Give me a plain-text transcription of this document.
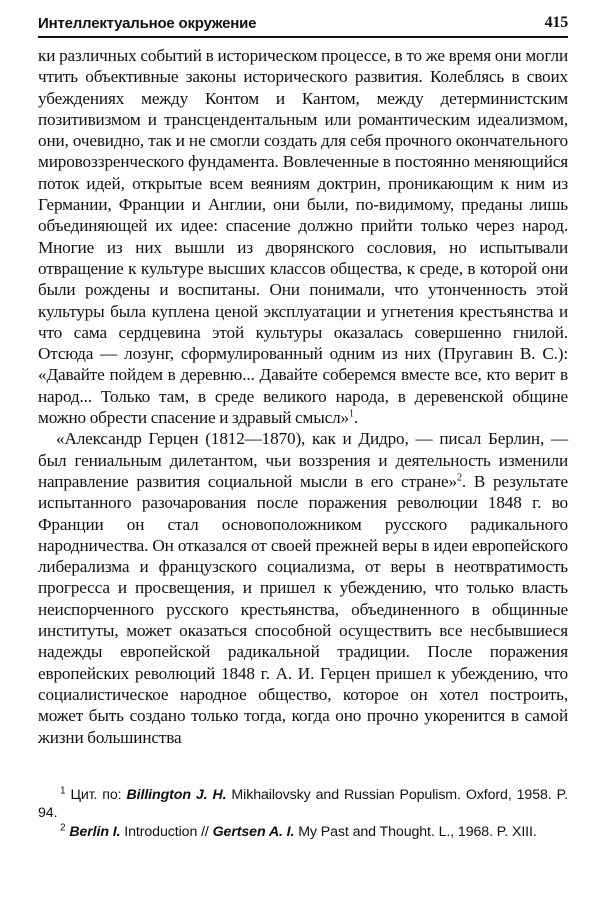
Интеллектуальное окружение	415

ки различных событий в историческом процессе, в то же время они могли чтить объективные законы исторического развития. Колеблясь в своих убеждениях между Контом и Кантом, между детерминистским позитивизмом и трансцендентальным или романтическим идеализмом, они, очевидно, так и не смогли создать для себя прочного окончательного мировоззренческого фундамента. Вовлеченные в постоянно меняющийся поток идей, открытые всем веяниям доктрин, проникающим к ним из Германии, Франции и Англии, они были, по-видимому, преданы лишь объединяющей их идее: спасение должно прийти только через народ. Многие из них вышли из дворянского сословия, но испытывали отвращение к культуре высших классов общества, к среде, в которой они были рождены и воспитаны. Они понимали, что утонченность этой культуры была куплена ценой эксплуатации и угнетения крестьянства и что сама сердцевина этой культуры оказалась совершенно гнилой. Отсюда — лозунг, сформулированный одним из них (Пругавин В. С.): «Давайте пойдем в деревню... Давайте соберемся вместе все, кто верит в народ... Только там, в среде великого народа, в деревенской общине можно обрести спасение и здравый смысл»$^1$.

«Александр Герцен (1812—1870), как и Дидро, — писал Берлин, — был гениальным дилетантом, чьи воззрения и деятельность изменили направление развития социальной мысли в его стране»$^2$. В результате испытанного разочарования после поражения революции 1848 г. во Франции он стал основоположником русского радикального народничества. Он отказался от своей прежней веры в идеи европейского либерализма и французского социализма, от веры в неотвратимость прогресса и просвещения, и пришел к убеждению, что только власть неиспорченного русского крестьянства, объединенного в общинные институты, может оказаться способной осуществить все несбывшиеся надежды европейской радикальной традиции. После поражения европейских революций 1848 г. А. И. Герцен пришел к убеждению, что социалистическое народное общество, которое он хотел построить, может быть создано только тогда, когда оно прочно укоренится в самой жизни большинства

$^1$ Цит. по: Billington J. H. Mikhailovsky and Russian Populism. Oxford, 1958. P. 94.

$^2$ Berlin I. Introduction // Gertsen A. I. My Past and Thought. L., 1968. P. XIII.
